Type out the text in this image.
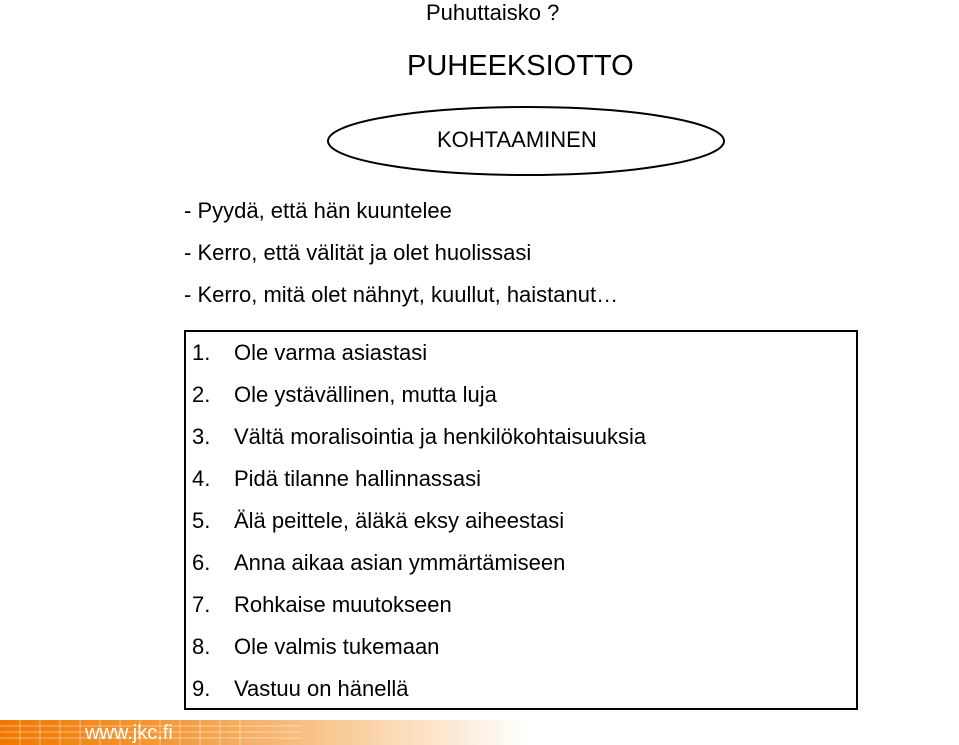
Puhuttaisko ?
PUHEEKSIOTTO
KOHTAAMINEN
- Pyydä, että hän kuuntelee
- Kerro, että välität ja olet huolissasi
- Kerro, mitä olet nähnyt, kuullut, haistanut…
1.	Ole varma asiastasi
2.	Ole ystävällinen, mutta luja
3.	Vältä moralisointia ja henkilökohtaisuuksia
4.	Pidä tilanne hallinnassasi
5.	Älä peittele, äläkä eksy aiheestasi
6.	Anna aikaa asian ymmärtämiseen
7.	Rohkaise muutokseen
8.	Ole valmis tukemaan
9.	Vastuu on hänellä
www.jkc.fi
